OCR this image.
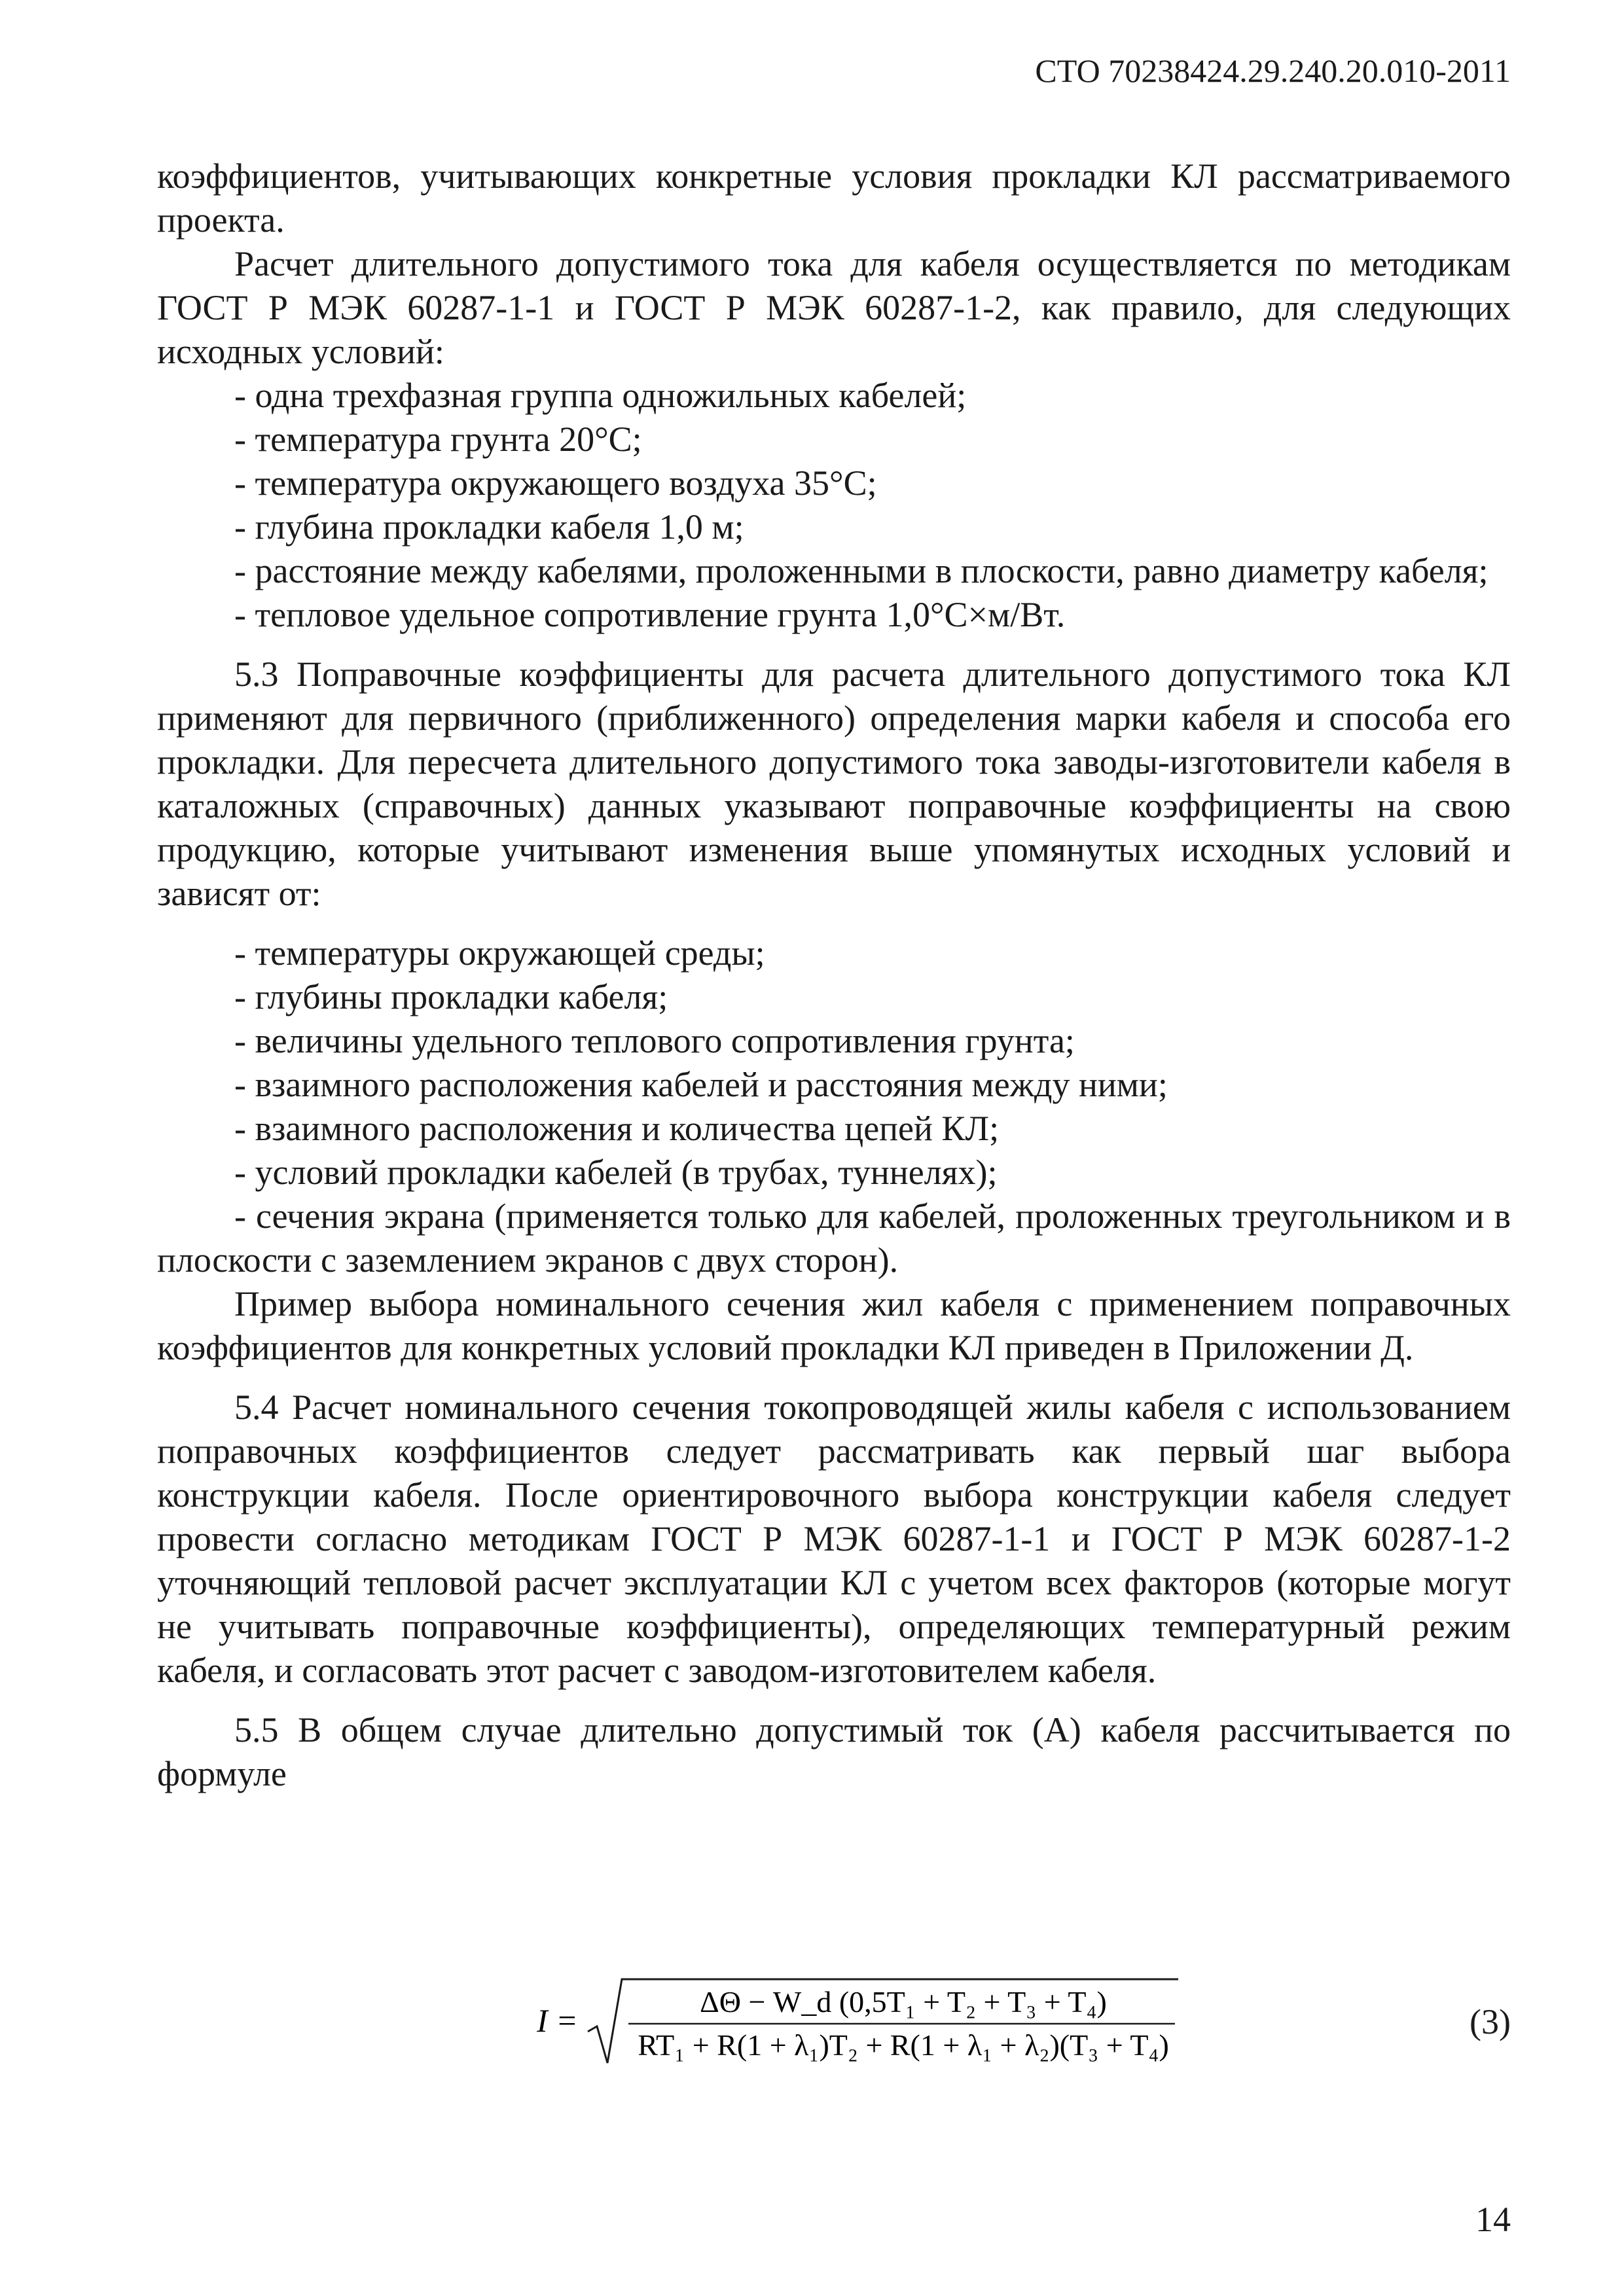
СТО 70238424.29.240.20.010-2011

коэффициентов, учитывающих конкретные условия прокладки КЛ рассматриваемого проекта.

Расчет длительного допустимого тока для кабеля осуществляется по методикам ГОСТ Р МЭК 60287-1-1 и ГОСТ Р МЭК 60287-1-2, как правило, для следующих исходных условий:

- одна трехфазная группа одножильных кабелей;

- температура грунта 20°С;

- температура окружающего воздуха 35°С;

- глубина прокладки кабеля 1,0 м;

- расстояние между кабелями, проложенными в плоскости, равно диаметру кабеля;

- тепловое удельное сопротивление грунта 1,0°С×м/Вт.

5.3 Поправочные коэффициенты для расчета длительного допустимого тока КЛ применяют для первичного (приближенного) определения марки кабеля и способа его прокладки. Для пересчета длительного допустимого тока заводы-изготовители кабеля в каталожных (справочных) данных указывают поправочные коэффициенты на свою продукцию, которые учитывают изменения выше упомянутых исходных условий и зависят от:

- температуры окружающей среды;

- глубины прокладки кабеля;

- величины удельного теплового сопротивления грунта;

- взаимного расположения кабелей и расстояния между ними;

- взаимного расположения и количества цепей КЛ;

- условий прокладки кабелей (в трубах, туннелях);

- сечения экрана (применяется только для кабелей, проложенных треугольником и в плоскости с заземлением экранов с двух сторон).

Пример выбора номинального сечения жил кабеля с применением поправочных коэффициентов для конкретных условий прокладки КЛ приведен в Приложении Д.

5.4 Расчет номинального сечения токопроводящей жилы кабеля с использованием поправочных коэффициентов следует рассматривать как первый шаг выбора конструкции кабеля. После ориентировочного выбора конструкции кабеля следует провести согласно методикам ГОСТ Р МЭК 60287-1-1 и ГОСТ Р МЭК 60287-1-2 уточняющий тепловой расчет эксплуатации КЛ с учетом всех факторов (которые могут не учитывать поправочные коэффициенты), определяющих температурный режим кабеля, и согласовать этот расчет с заводом-изготовителем кабеля.

5.5 В общем случае длительно допустимый ток (А) кабеля рассчитывается по формуле

I =
ΔΘ − W_d (0,5T₁ + T₂ + T₃ + T₄)
RT₁ + R(1 + λ₁)T₂ + R(1 + λ₁ + λ₂)(T₃ + T₄)
(3)
14
